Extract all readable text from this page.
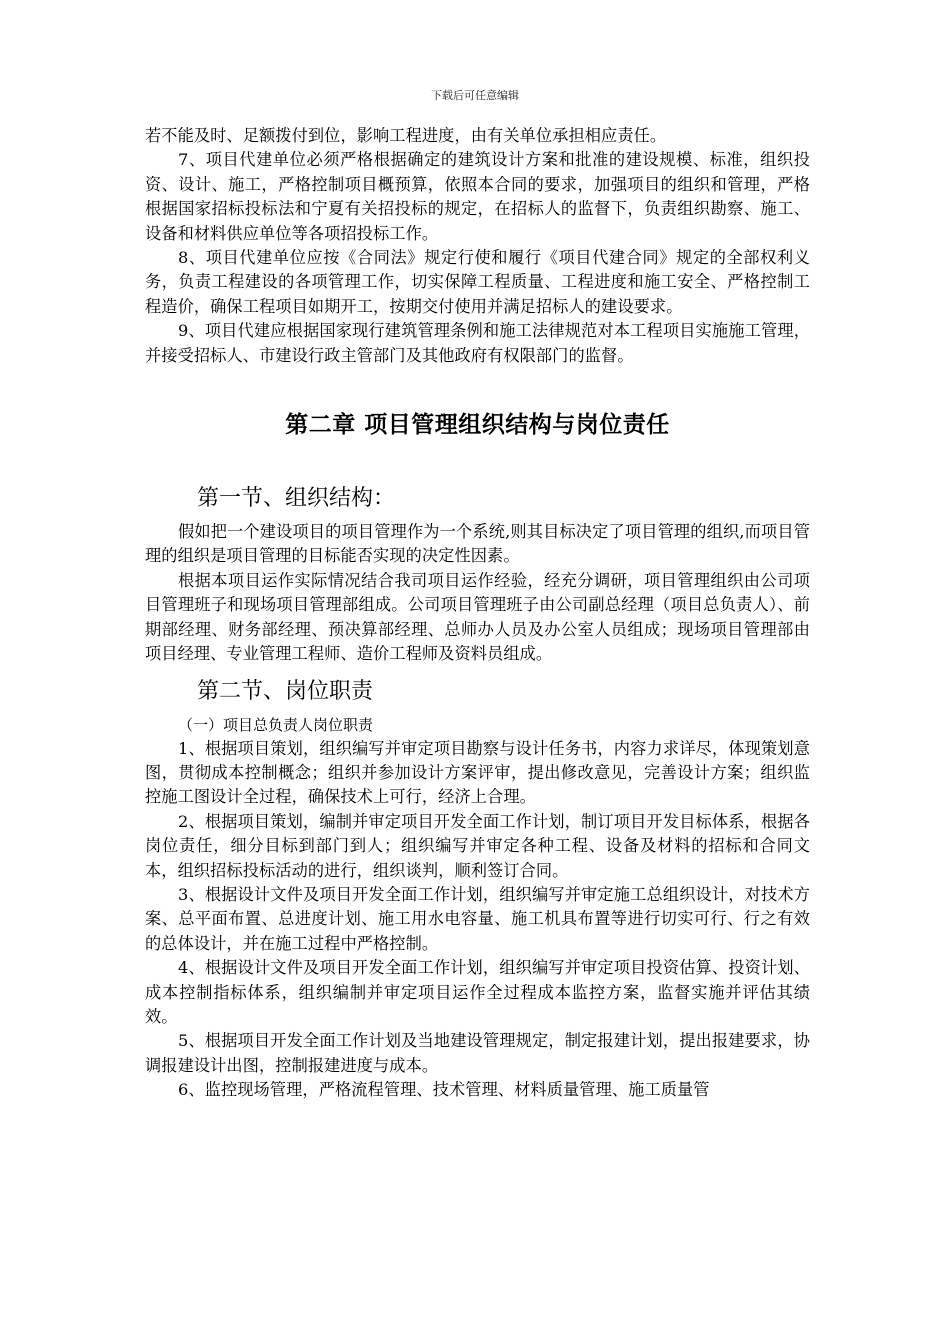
下载后可任意编辑

若不能及时、足额拨付到位，影响工程进度，由有关单位承担相应责任。

7、项目代建单位必须严格根据确定的建筑设计方案和批准的建设规模、标准，组织投资、设计、施工，严格控制项目概预算，依照本合同的要求，加强项目的组织和管理，严格根据国家招标投标法和宁夏有关招投标的规定，在招标人的监督下，负责组织勘察、施工、设备和材料供应单位等各项招投标工作。

8、项目代建单位应按《合同法》规定行使和履行《项目代建合同》规定的全部权利义务，负责工程建设的各项管理工作，切实保障工程质量、工程进度和施工安全、严格控制工程造价，确保工程项目如期开工，按期交付使用并满足招标人的建设要求。

9、项目代建应根据国家现行建筑管理条例和施工法律规范对本工程项目实施施工管理，并接受招标人、市建设行政主管部门及其他政府有权限部门的监督。

第二章 项目管理组织结构与岗位责任
第一节、组织结构：

假如把一个建设项目的项目管理作为一个系统,则其目标决定了项目管理的组织,而项目管理的组织是项目管理的目标能否实现的决定性因素。

根据本项目运作实际情况结合我司项目运作经验，经充分调研，项目管理组织由公司项目管理班子和现场项目管理部组成。公司项目管理班子由公司副总经理（项目总负责人）、前期部经理、财务部经理、预决算部经理、总师办人员及办公室人员组成；现场项目管理部由项目经理、专业管理工程师、造价工程师及资料员组成。

第二节、岗位职责

（一）项目总负责人岗位职责

1、根据项目策划，组织编写并审定项目勘察与设计任务书，内容力求详尽，体现策划意图，贯彻成本控制概念；组织并参加设计方案评审，提出修改意见，完善设计方案；组织监控施工图设计全过程，确保技术上可行，经济上合理。

2、根据项目策划，编制并审定项目开发全面工作计划，制订项目开发目标体系，根据各岗位责任，细分目标到部门到人；组织编写并审定各种工程、设备及材料的招标和合同文本，组织招标投标活动的进行，组织谈判，顺利签订合同。

3、根据设计文件及项目开发全面工作计划，组织编写并审定施工总组织设计，对技术方案、总平面布置、总进度计划、施工用水电容量、施工机具布置等进行切实可行、行之有效的总体设计，并在施工过程中严格控制。

4、根据设计文件及项目开发全面工作计划，组织编写并审定项目投资估算、投资计划、成本控制指标体系，组织编制并审定项目运作全过程成本监控方案，监督实施并评估其绩效。

5、根据项目开发全面工作计划及当地建设管理规定，制定报建计划，提出报建要求，协调报建设计出图，控制报建进度与成本。

6、监控现场管理，严格流程管理、技术管理、材料质量管理、施工质量管
